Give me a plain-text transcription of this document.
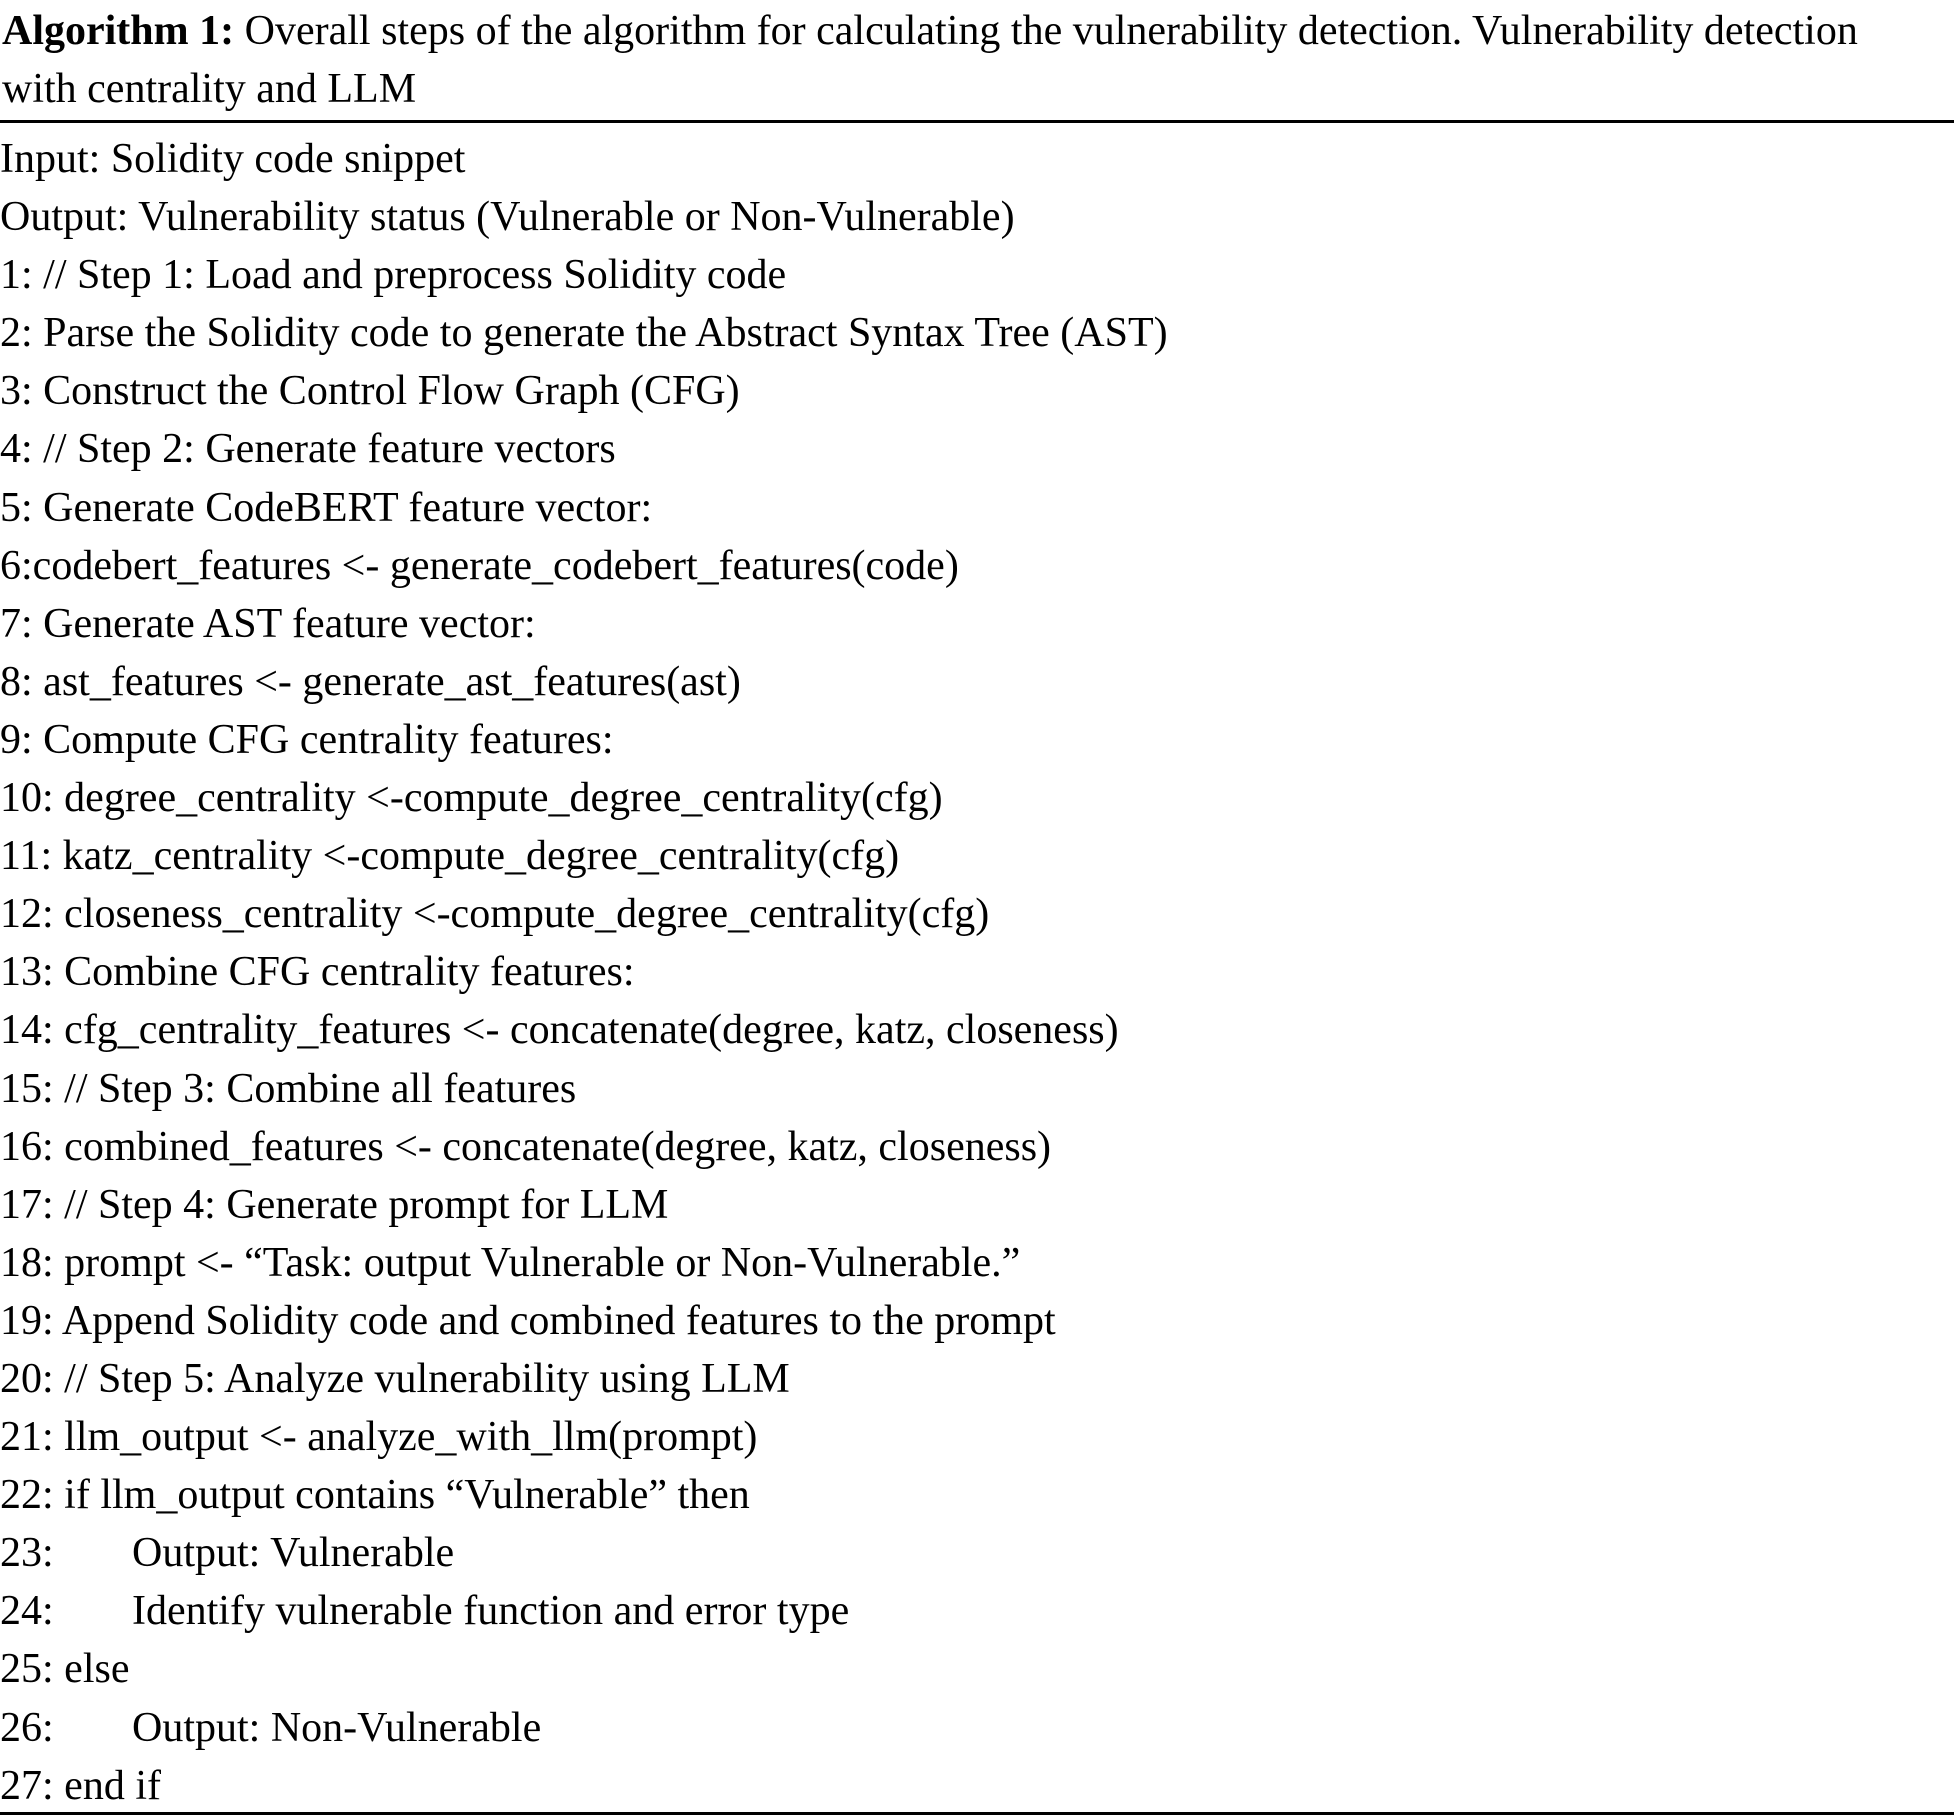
Algorithm 1: Overall steps of the algorithm for calculating the vulnerability detection. Vulnerability detection with centrality and LLM
Input: Solidity code snippet
Output: Vulnerability status (Vulnerable or Non-Vulnerable)
1: // Step 1: Load and preprocess Solidity code
2: Parse the Solidity code to generate the Abstract Syntax Tree (AST)
3: Construct the Control Flow Graph (CFG)
4: // Step 2: Generate feature vectors
5: Generate CodeBERT feature vector:
6:codebert_features <- generate_codebert_features(code)
7: Generate AST feature vector:
8: ast_features <- generate_ast_features(ast)
9: Compute CFG centrality features:
10: degree_centrality <-compute_degree_centrality(cfg)
11: katz_centrality <-compute_degree_centrality(cfg)
12: closeness_centrality <-compute_degree_centrality(cfg)
13: Combine CFG centrality features:
14: cfg_centrality_features <- concatenate(degree, katz, closeness)
15: // Step 3: Combine all features
16: combined_features <- concatenate(degree, katz, closeness)
17: // Step 4: Generate prompt for LLM
18: prompt <- “Task: output Vulnerable or Non-Vulnerable.”
19: Append Solidity code and combined features to the prompt
20: // Step 5: Analyze vulnerability using LLM
21: llm_output <- analyze_with_llm(prompt)
22: if llm_output contains “Vulnerable” then
23: Output: Vulnerable
24: Identify vulnerable function and error type
25: else
26: Output: Non-Vulnerable
27: end if
